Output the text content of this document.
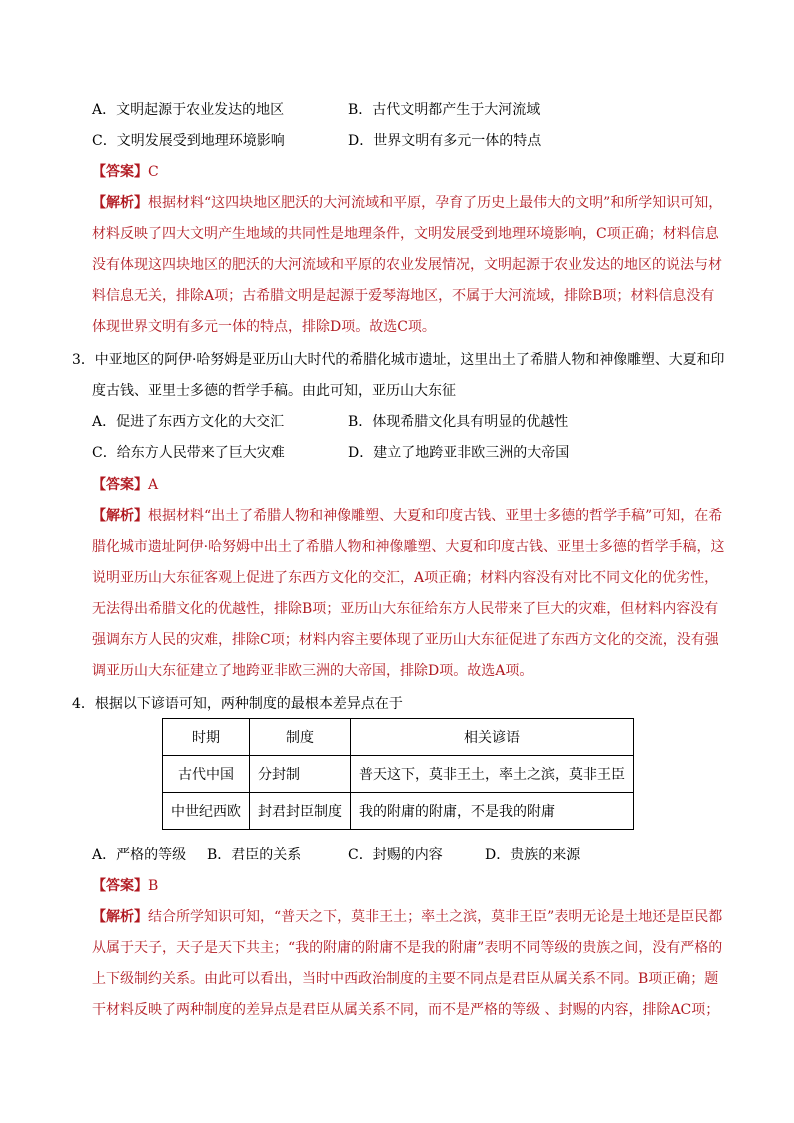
A．文明起源于农业发达的地区	B．古代文明都产生于大河流域
C．文明发展受到地理环境影响	D．世界文明有多元一体的特点
【答案】C
【解析】根据材料“这四块地区肥沃的大河流域和平原，孕育了历史上最伟大的文明”和所学知识可知，
材料反映了四大文明产生地域的共同性是地理条件，文明发展受到地理环境影响，C项正确；材料信息
没有体现这四块地区的肥沃的大河流域和平原的农业发展情况，文明起源于农业发达的地区的说法与材
料信息无关，排除A项；古希腊文明是起源于爱琴海地区，不属于大河流域，排除B项；材料信息没有
体现世界文明有多元一体的特点，排除D项。故选C项。
3．中亚地区的阿伊·哈努姆是亚历山大时代的希腊化城市遗址，这里出土了希腊人物和神像雕塑、大夏和印
度古钱、亚里士多德的哲学手稿。由此可知，亚历山大东征
A．促进了东西方文化的大交汇	B．体现希腊文化具有明显的优越性
C．给东方人民带来了巨大灾难	D．建立了地跨亚非欧三洲的大帝国
【答案】A
【解析】根据材料“出土了希腊人物和神像雕塑、大夏和印度古钱、亚里士多德的哲学手稿”可知，在希
腊化城市遗址阿伊·哈努姆中出土了希腊人物和神像雕塑、大夏和印度古钱、亚里士多德的哲学手稿，这
说明亚历山大东征客观上促进了东西方文化的交汇，A项正确；材料内容没有对比不同文化的优劣性，
无法得出希腊文化的优越性，排除B项；亚历山大东征给东方人民带来了巨大的灾难，但材料内容没有
强调东方人民的灾难，排除C项；材料内容主要体现了亚历山大东征促进了东西方文化的交流，没有强
调亚历山大东征建立了地跨亚非欧三洲的大帝国，排除D项。故选A项。
4．根据以下谚语可知，两种制度的最根本差异点在于
时期	制度	相关谚语
古代中国	分封制	普天这下，莫非王土，率土之滨，莫非王臣
中世纪西欧	封君封臣制度	我的附庸的附庸，不是我的附庸
A．严格的等级 B．君臣的关系	C．封赐的内容	D．贵族的来源
【答案】B
【解析】结合所学知识可知，“普天之下，莫非王土；率土之滨，莫非王臣”表明无论是土地还是臣民都
从属于天子，天子是天下共主；“我的附庸的附庸不是我的附庸”表明不同等级的贵族之间，没有严格的
上下级制约关系。由此可以看出，当时中西政治制度的主要不同点是君臣从属关系不同。B项正确；题
干材料反映了两种制度的差异点是君臣从属关系不同，而不是严格的等级 、封赐的内容，排除AC项；
